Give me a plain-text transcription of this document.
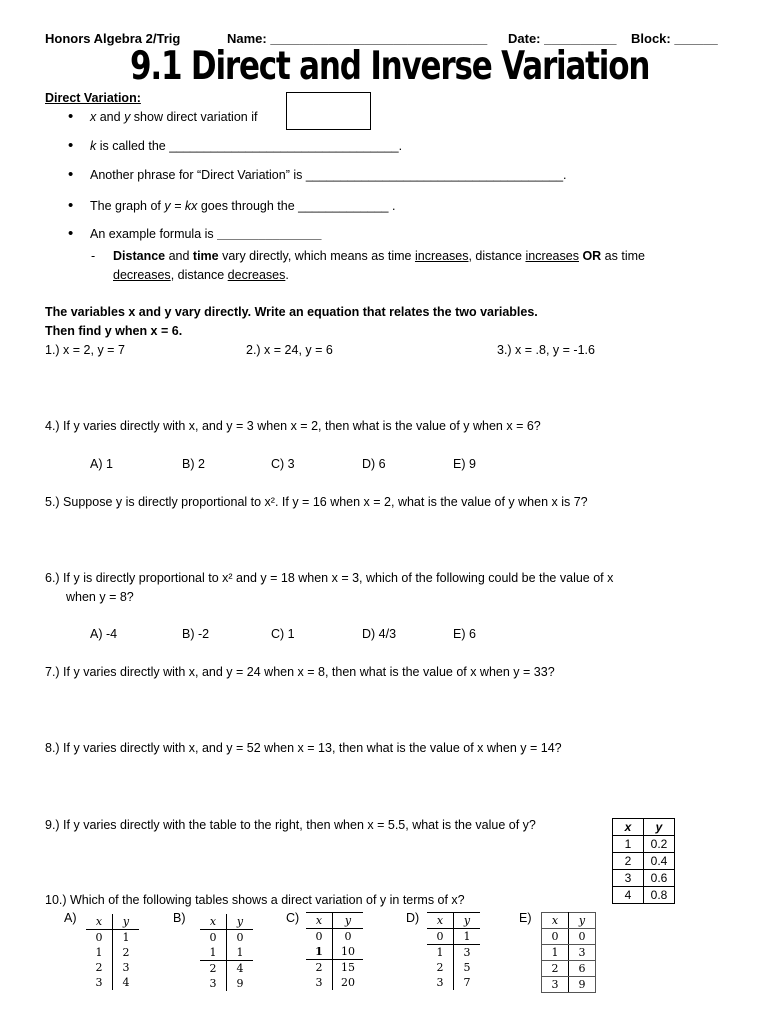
Honors Algebra 2/Trig	Name: ______________________________ Date: __________ Block: ______
9.1 Direct and Inverse Variation
Direct Variation:
• x and y show direct variation if
• k is called the _________________________________.
• Another phrase for “Direct Variation” is _____________________________________.
• The graph of y = kx goes through the _____________ .
• An example formula is _______________
- Distance and time vary directly, which means as time increases, distance increases OR as time
decreases, distance decreases.
The variables x and y vary directly. Write an equation that relates the two variables.
Then find y when x = 6.
1.) x = 2, y = 7	2.) x = 24, y = 6	3.) x = .8, y = -1.6
4.) If y varies directly with x, and y = 3 when x = 2, then what is the value of y when x = 6?
A) 1	B) 2	C) 3	D) 6	E) 9
5.) Suppose y is directly proportional to x². If y = 16 when x = 2, what is the value of y when x is 7?
6.) If y is directly proportional to x² and y = 18 when x = 3, which of the following could be the value of x
when y = 8?
A) -4	B) -2	C) 1	D) 4/3	E) 6
7.) If y varies directly with x, and y = 24 when x = 8, then what is the value of x when y = 33?
8.) If y varies directly with x, and y = 52 when x = 13, then what is the value of x when y = 14?
9.) If y varies directly with the table to the right, then when x = 5.5, what is the value of y?
10.) Which of the following tables shows a direct variation of y in terms of x?
x	y
1	0.2
2	0.4
3	0.6
4	0.8
A) x	y
0	1
1	2
2	3
3	4
B) x	y
0	0
1	1
2	4
3	9
C) x	y
0	0
1	10
2	15
3	20
D) x	y
0	1
1	3
2	5
3	7
E) x	y
0	0
1	3
2	6
3	9
